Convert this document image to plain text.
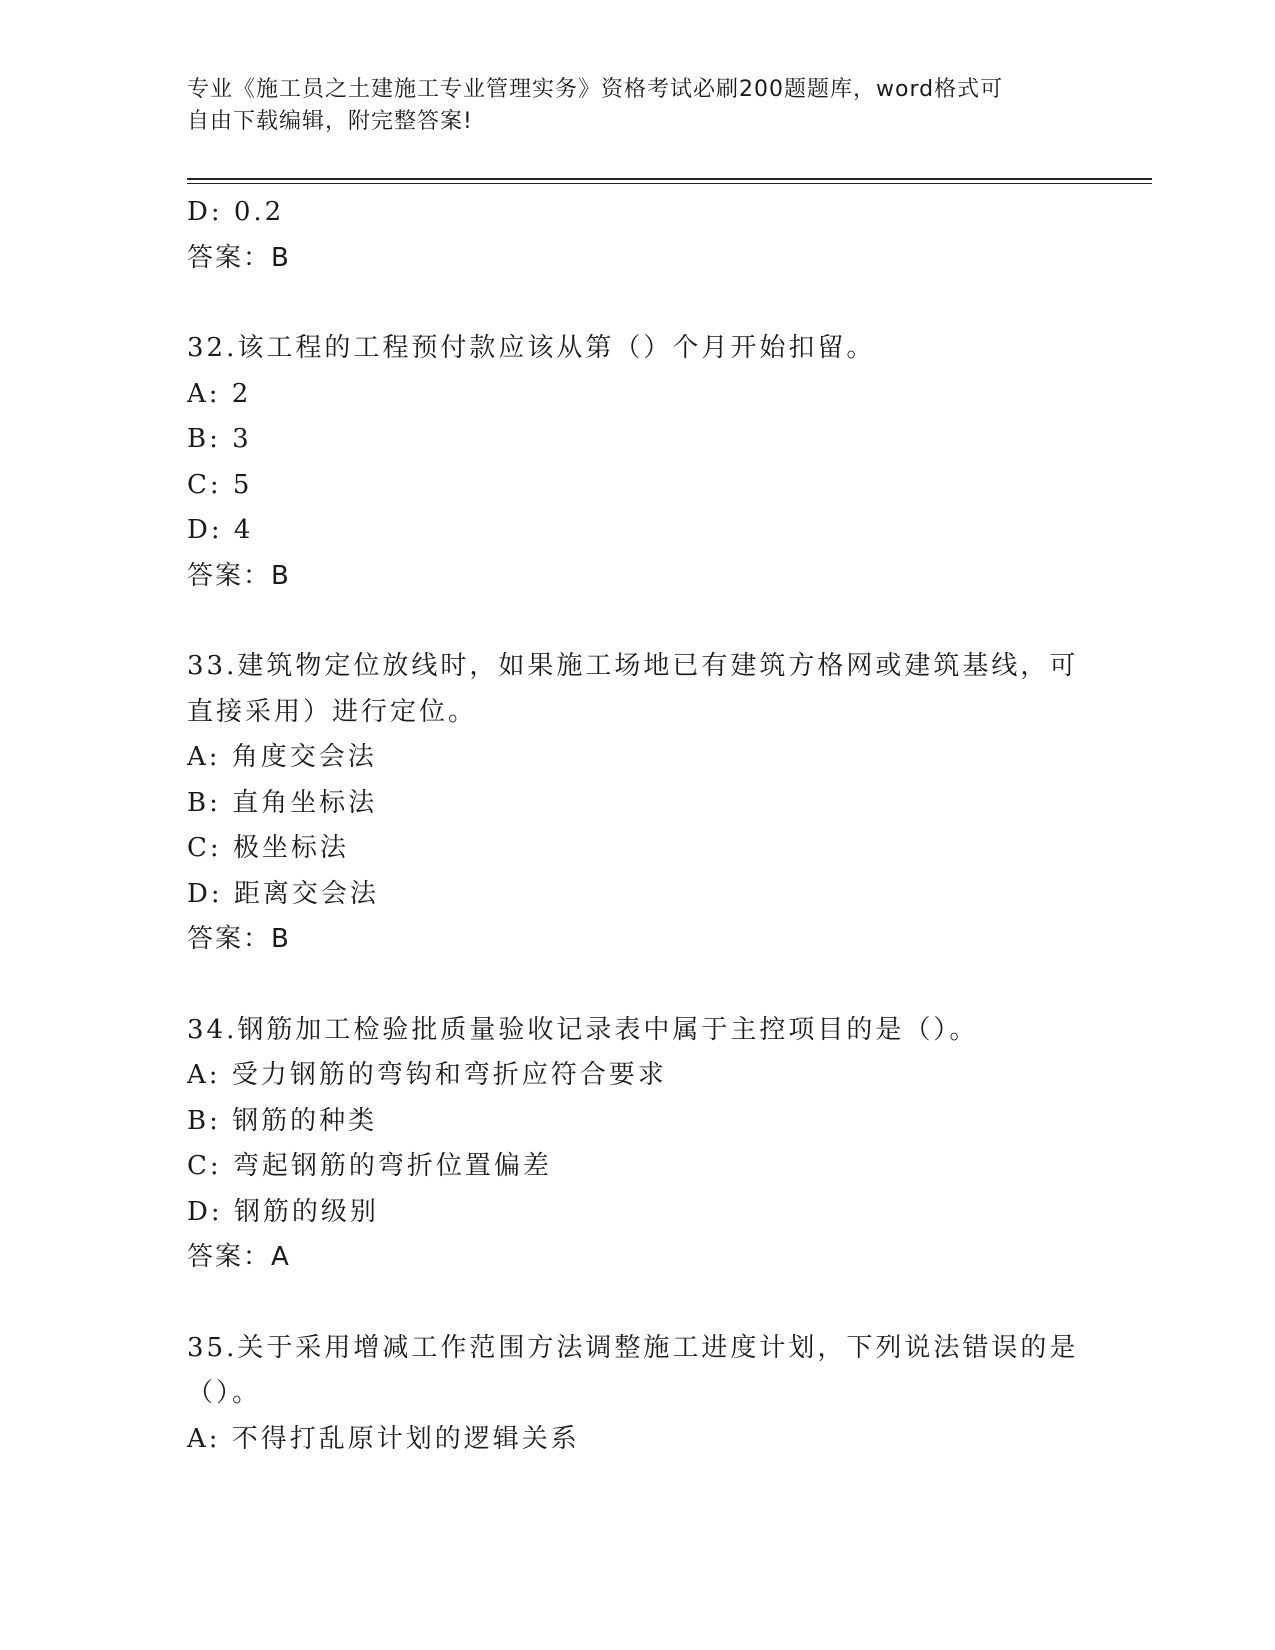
专业《施工员之土建施工专业管理实务》资格考试必刷200题题库，word格式可
自由下载编辑，附完整答案!
D: 0.2
答案：B
32.该工程的工程预付款应该从第（）个月开始扣留。
A: 2
B: 3
C: 5
D: 4
答案：B
33.建筑物定位放线时，如果施工场地已有建筑方格网或建筑基线，可
直接采用）进行定位。
A: 角度交会法
B: 直角坐标法
C: 极坐标法
D: 距离交会法
答案：B
34.钢筋加工检验批质量验收记录表中属于主控项目的是（）。
A: 受力钢筋的弯钩和弯折应符合要求
B: 钢筋的种类
C: 弯起钢筋的弯折位置偏差
D: 钢筋的级别
答案：A
35.关于采用增减工作范围方法调整施工进度计划，下列说法错误的是
（）。
A: 不得打乱原计划的逻辑关系
